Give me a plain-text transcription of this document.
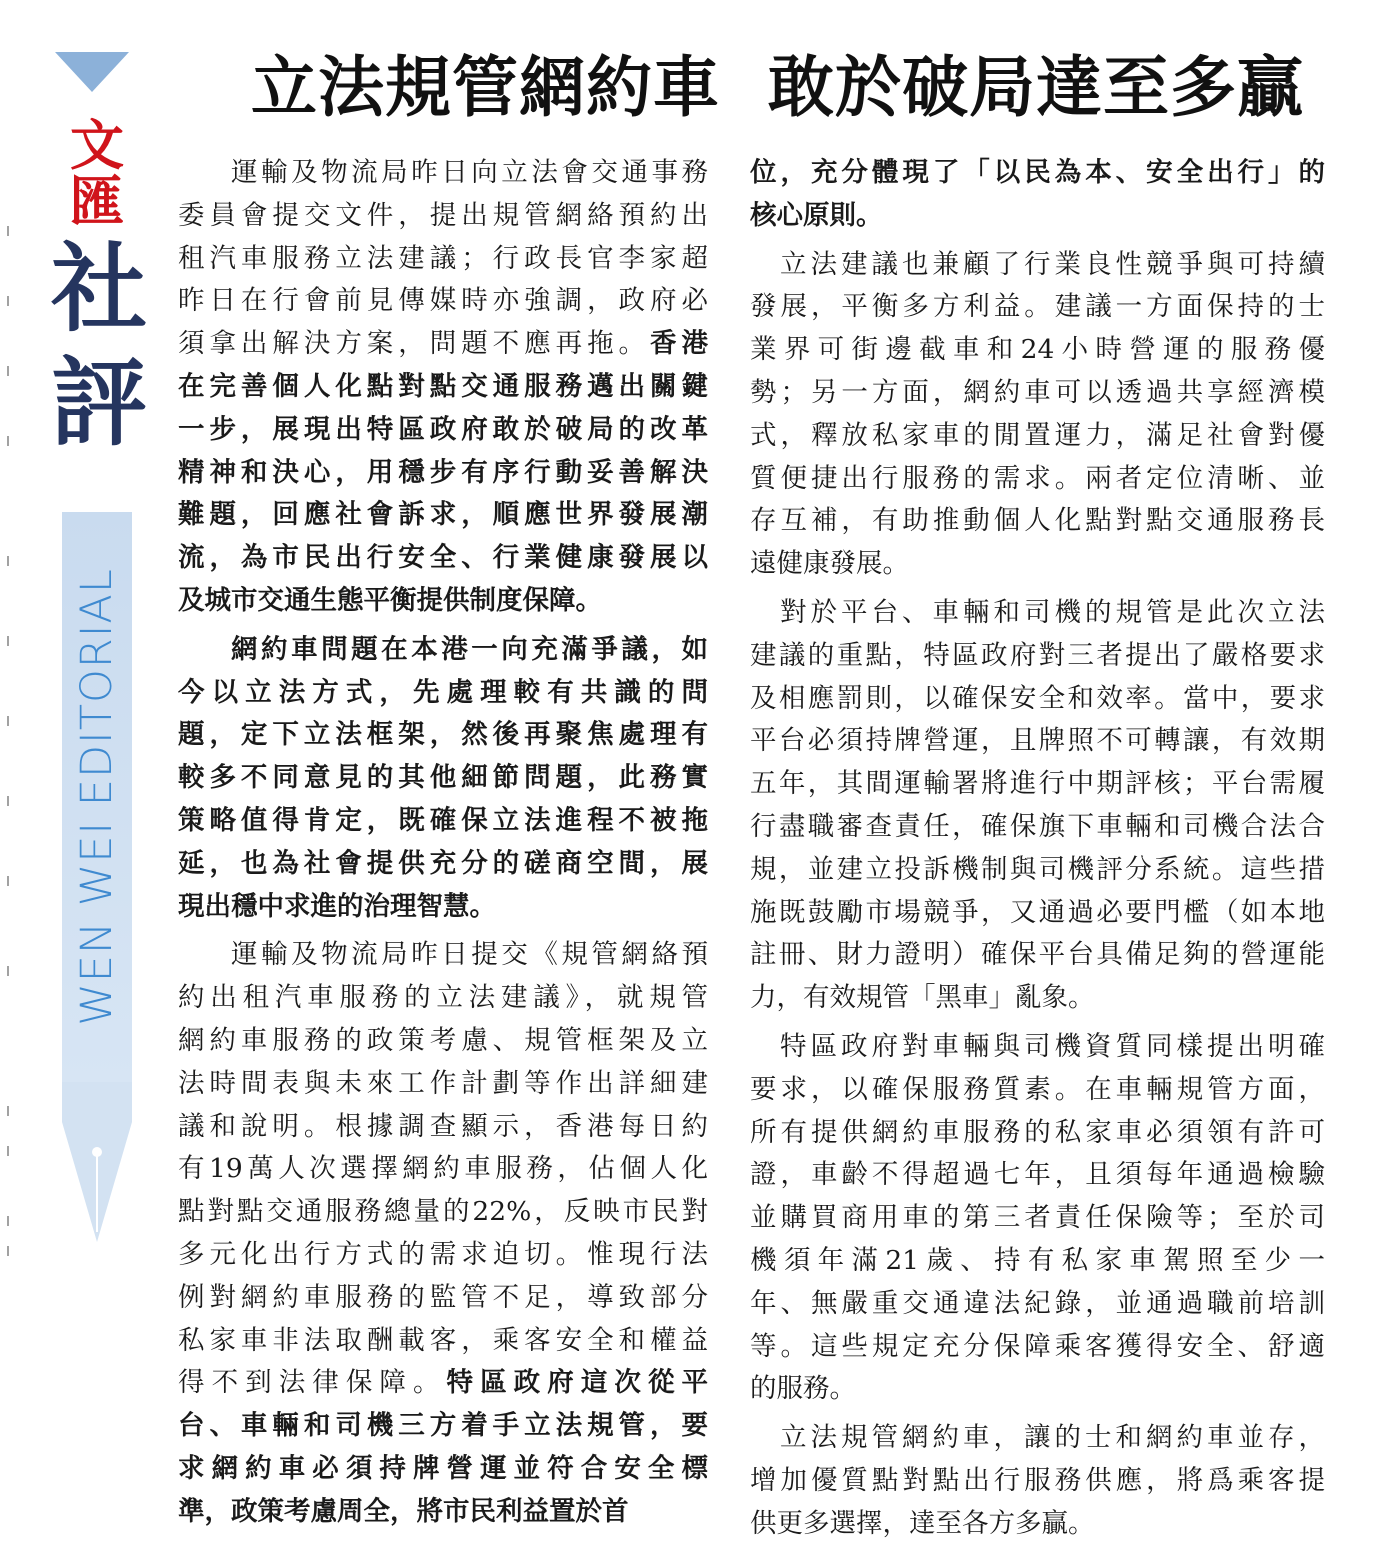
文匯
社評
WEN WEI EDITORIAL
立法規管網約車  敢於破局達至多贏
運輸及物流局昨日向立法會交通事務
委員會提交文件，提出規管網絡預約出
租汽車服務立法建議；行政長官李家超
昨日在行會前見傳媒時亦強調，政府必
須拿出解決方案，問題不應再拖。香港
在完善個人化點對點交通服務邁出關鍵
一步，展現出特區政府敢於破局的改革
精神和決心，用穩步有序行動妥善解決
難題，回應社會訴求，順應世界發展潮
流，為市民出行安全、行業健康發展以
及城市交通生態平衡提供制度保障。
網約車問題在本港一向充滿爭議，如
今以立法方式，先處理較有共識的問
題，定下立法框架，然後再聚焦處理有
較多不同意見的其他細節問題，此務實
策略值得肯定，既確保立法進程不被拖
延，也為社會提供充分的磋商空間，展
現出穩中求進的治理智慧。
運輸及物流局昨日提交《規管網絡預
約出租汽車服務的立法建議》，就規管
網約車服務的政策考慮、規管框架及立
法時間表與未來工作計劃等作出詳細建
議和說明。根據調查顯示，香港每日約
有19萬人次選擇網約車服務，佔個人化
點對點交通服務總量的22%，反映市民對
多元化出行方式的需求迫切。惟現行法
例對網約車服務的監管不足，導致部分
私家車非法取酬載客，乘客安全和權益
得不到法律保障。特區政府這次從平
台、車輛和司機三方着手立法規管，要
求網約車必須持牌營運並符合安全標
準，政策考慮周全，將市民利益置於首
位，充分體現了「以民為本、安全出行」的
核心原則。
立法建議也兼顧了行業良性競爭與可持續
發展，平衡多方利益。建議一方面保持的士
業界可街邊截車和24小時營運的服務優
勢；另一方面，網約車可以透過共享經濟模
式，釋放私家車的閒置運力，滿足社會對優
質便捷出行服務的需求。兩者定位清晰、並
存互補，有助推動個人化點對點交通服務長
遠健康發展。
對於平台、車輛和司機的規管是此次立法
建議的重點，特區政府對三者提出了嚴格要求
及相應罰則，以確保安全和效率。當中，要求
平台必須持牌營運，且牌照不可轉讓，有效期
五年，其間運輸署將進行中期評核；平台需履
行盡職審查責任，確保旗下車輛和司機合法合
規，並建立投訴機制與司機評分系統。這些措
施既鼓勵市場競爭，又通過必要門檻（如本地
註冊、財力證明）確保平台具備足夠的營運能
力，有效規管「黑車」亂象。
特區政府對車輛與司機資質同樣提出明確
要求，以確保服務質素。在車輛規管方面，
所有提供網約車服務的私家車必須領有許可
證，車齡不得超過七年，且須每年通過檢驗
並購買商用車的第三者責任保險等；至於司
機須年滿21歲、持有私家車駕照至少一
年、無嚴重交通違法紀錄，並通過職前培訓
等。這些規定充分保障乘客獲得安全、舒適
的服務。
立法規管網約車，讓的士和網約車並存，
增加優質點對點出行服務供應，將爲乘客提
供更多選擇，達至各方多贏。
